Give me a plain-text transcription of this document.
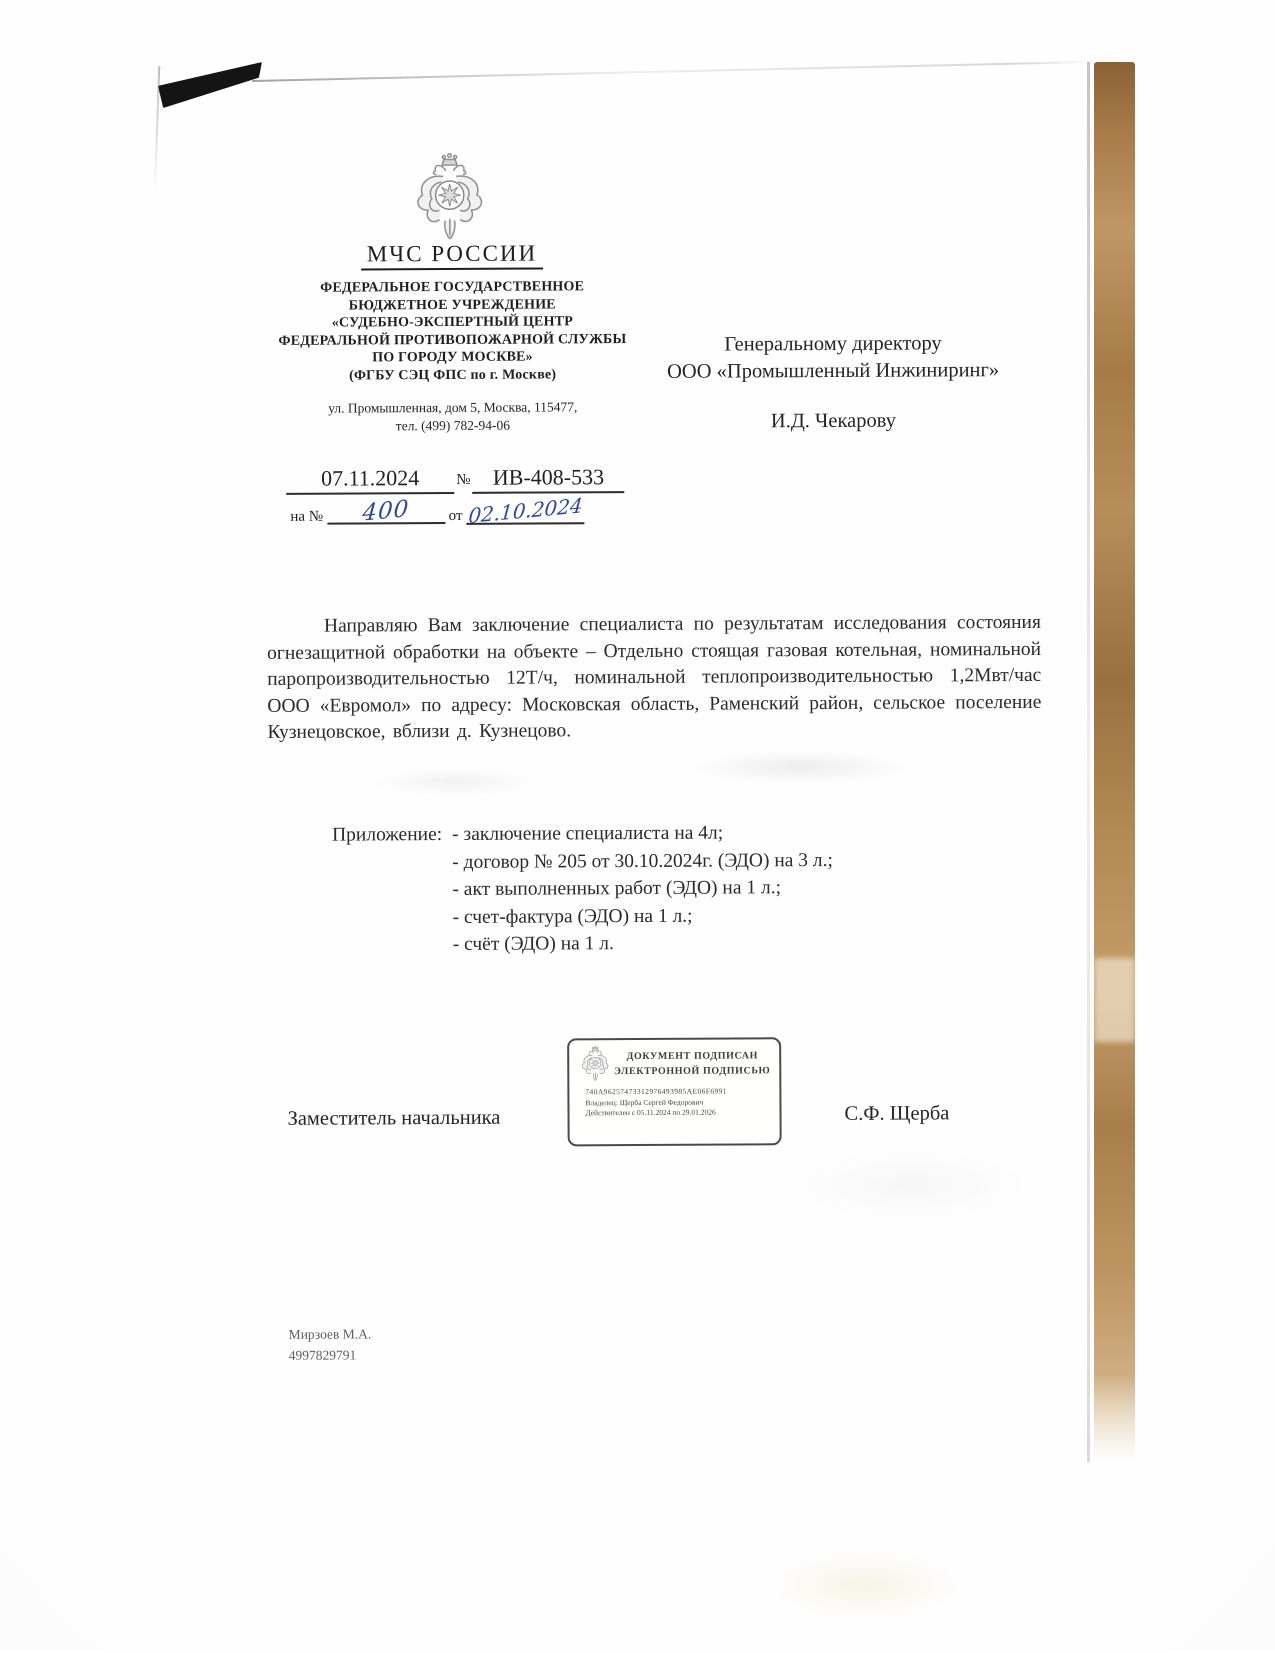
МЧС РОССИИ
ФЕДЕРАЛЬНОЕ ГОСУДАРСТВЕННОЕ
БЮДЖЕТНОЕ УЧРЕЖДЕНИЕ
«СУДЕБНО-ЭКСПЕРТНЫЙ ЦЕНТР
ФЕДЕРАЛЬНОЙ ПРОТИВОПОЖАРНОЙ СЛУЖБЫ
ПО ГОРОДУ МОСКВЕ»
(ФГБУ СЭЦ ФПС по г. Москве)
ул. Промышленная, дом 5, Москва, 115477,
тел. (499) 782-94-06
07.11.2024 № ИВ-408-533
на № 400	от 02.10.2024
Генеральному директору
ООО «Промышленный Инжиниринг»
И.Д. Чекарову

Направляю Вам заключение специалиста по результатам исследования состояния огнезащитной обработки на объекте – Отдельно стоящая газовая котельная, номинальной паропроизводительностью 12Т/ч, номинальной теплопроизводительностью 1,2Мвт/час ООО «Евромол» по адресу: Московская область, Раменский район, сельское поселение Кузнецовское, вблизи д. Кузнецово.

Приложение: - заключение специалиста на 4л;
- договор № 205 от 30.10.2024г. (ЭДО) на 3 л.;
- акт выполненных работ (ЭДО) на 1 л.;
- счет-фактура (ЭДО) на 1 л.;
- счёт (ЭДО) на 1 л.
ДОКУМЕНТ ПОДПИСАН
ЭЛЕКТРОННОЙ ПОДПИСЬЮ
740A96257473312976493985AE06F6991
Владелец: Щерба Сергей Федорович
Действителен с 05.11.2024 по 29.01.2026
Заместитель начальника	С.Ф. Щерба
Мирзоев М.А.
4997829791
